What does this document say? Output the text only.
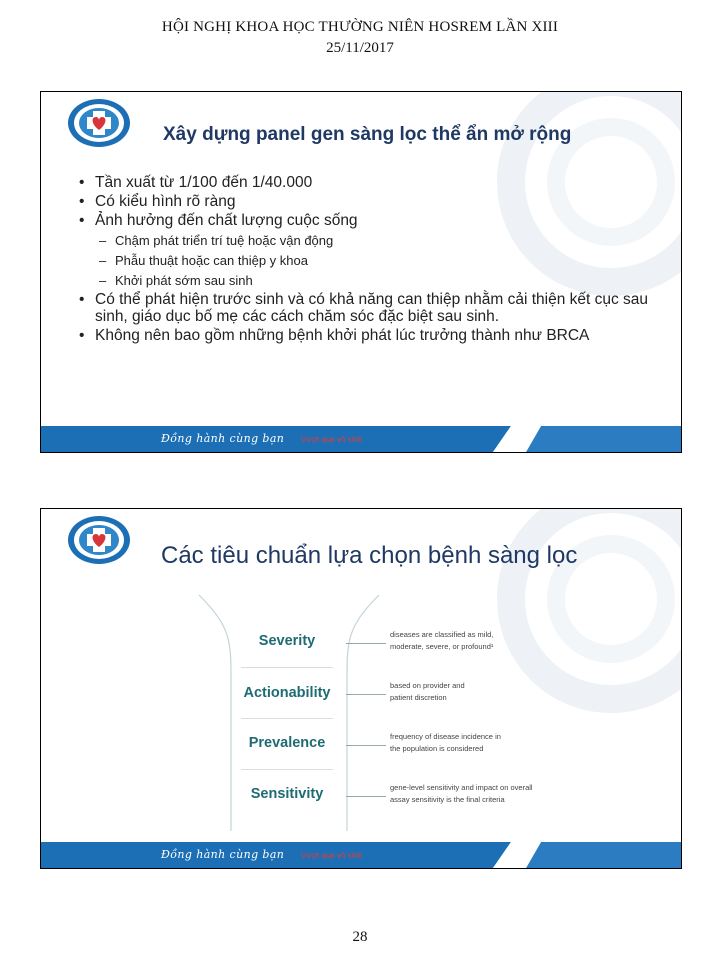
HỘI NGHỊ KHOA HỌC THƯỜNG NIÊN HOSREM LẦN XIII
25/11/2017
Xây dựng panel gen sàng lọc thể ẩn mở rộng
• Tần xuất từ 1/100 đến 1/40.000
• Có kiểu hình rõ ràng
• Ảnh hưởng đến chất lượng cuộc sống
– Chậm phát triển trí tuệ hoặc vận động
– Phẫu thuật hoặc can thiệp y khoa
– Khởi phát sớm sau sinh
• Có thể phát hiện trước sinh và có khả năng can thiệp nhằm cải thiện kết cục sau sinh, giáo dục bố mẹ các cách chăm sóc đặc biệt sau sinh.
• Không nên bao gồm những bệnh khởi phát lúc trưởng thành như BRCA
Đồng hành cùng bạn Vượt qua vô sinh
Các tiêu chuẩn lựa chọn bệnh sàng lọc
Severity
Actionability
Prevalence
Sensitivity
diseases are classified as mild,
moderate, severe, or profound¹
based on provider and
patient discretion
frequency of disease incidence in
the population is considered
gene-level sensitivity and impact on overall
assay sensitivity is the final criteria
Đồng hành cùng bạn Vượt qua vô sinh
28
